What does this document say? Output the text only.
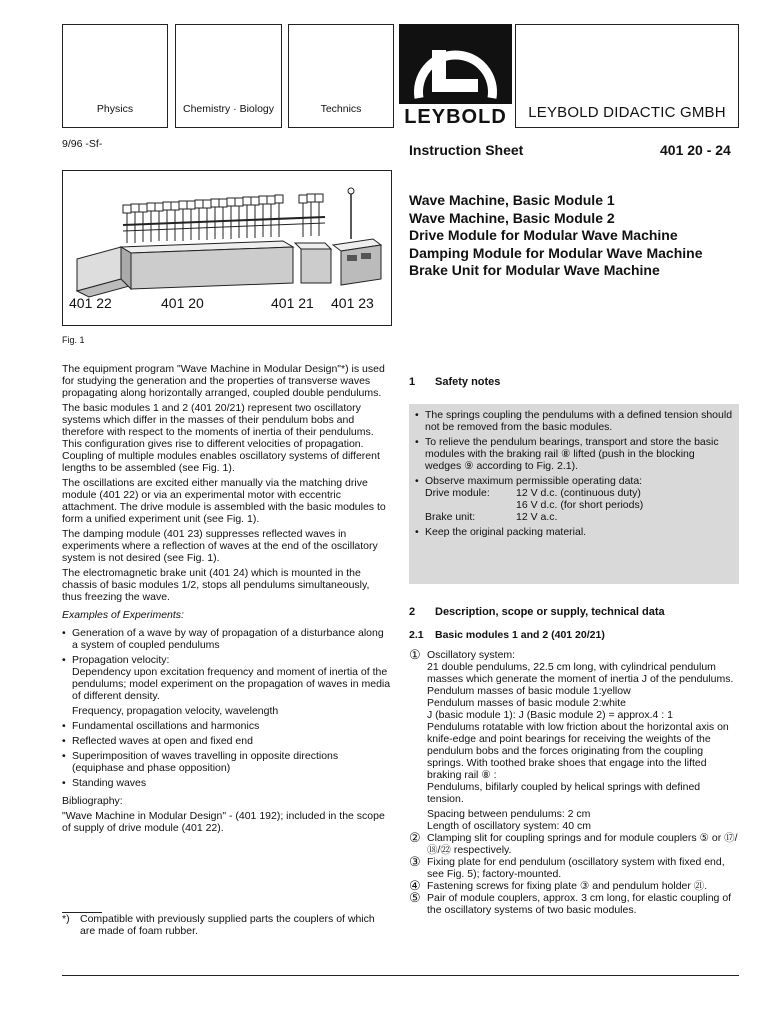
Physics	Chemistry · Biology	Technics LEYBOLD	LEYBOLD DIDACTIC GMBH
9/96 -Sf-	Instruction Sheet	401 20 - 24
Wave Machine, Basic Module 1
Wave Machine, Basic Module 2
Drive Module for Modular Wave Machine
Damping Module for Modular Wave Machine
Brake Unit for Modular Wave Machine
401 22	401 20	401 21 401 23
Fig. 1

The equipment program "Wave Machine in Modular Design"*) is used for studying the generation and the properties of transverse waves propagating along horizontally arranged, coupled double pendulums.

The basic modules 1 and 2 (401 20/21) represent two oscillatory systems which differ in the masses of their pendulum bobs and therefore with respect to the moments of inertia of their pendulums. This configuration gives rise to different velocities of propagation. Coupling of multiple modules enables oscillatory systems of different lengths to be assembled (see Fig. 1).

The oscillations are excited either manually via the matching drive module (401 22) or via an experimental motor with eccentric attachment. The drive module is assembled with the basic modules to form a unified experiment unit (see Fig. 1).

The damping module (401 23) suppresses reflected waves in experiments where a reflection of waves at the end of the oscillatory system is not desired (see Fig. 1).

The electromagnetic brake unit (401 24) which is mounted in the chassis of basic modules 1/2, stops all pendulums simultaneously, thus freezing the wave.

Examples of Experiments:

• Generation of a wave by way of propagation of a disturbance along a system of coupled pendulums
• Propagation velocity:
Dependency upon excitation frequency and moment of inertia of the pendulums; model experiment on the propagation of waves in media of different density.
Frequency, propagation velocity, wavelength
• Fundamental oscillations and harmonics
• Reflected waves at open and fixed end
• Superimposition of waves travelling in opposite directions (equiphase and phase opposition)
• Standing waves

Bibliography:

"Wave Machine in Modular Design" - (401 192); included in the scope of supply of drive module (401 22).

*) Compatible with previously supplied parts the couplers of which are made of foam rubber.
1 Safety notes
• The springs coupling the pendulums with a defined tension should not be removed from the basic modules.
• To relieve the pendulum bearings, transport and store the basic modules with the braking rail ⑧ lifted (push in the blocking wedges ⑨ according to Fig. 2.1).
• Observe maximum permissible operating data:
Drive module:	12 V d.c. (continuous duty)
16 V d.c. (for short periods)
Brake unit:	12 V a.c.
• Keep the original packing material.
2 Description, scope or supply, technical data
2.1 Basic modules 1 and 2 (401 20/21)
① Oscillatory system:
21 double pendulums, 22.5 cm long, with cylindrical pendulum masses which generate the moment of inertia J of the pendulums.
Pendulum masses of basic module 1:yellow
Pendulum masses of basic module 2:white
J (basic module 1): J (Basic module 2) = approx.4 : 1
Pendulums rotatable with low friction about the horizontal axis on knife-edge and point bearings for receiving the weights of the pendulum bobs and the forces originating from the coupling springs. With toothed brake shoes that engage into the lifted braking rail ⑧ :
Pendulums, bifilarly coupled by helical springs with defined tension.
Spacing between pendulums: 2 cm
Length of oscillatory system: 40 cm
② Clamping slit for coupling springs and for module couplers ⑤ or ⑰/⑱/㉒ respectively.
③ Fixing plate for end pendulum (oscillatory system with fixed end, see Fig. 5); factory-mounted.
④ Fastening screws for fixing plate ③ and pendulum holder ㉑.
⑤ Pair of module couplers, approx. 3 cm long, for elastic coupling of the oscillatory systems of two basic modules.
